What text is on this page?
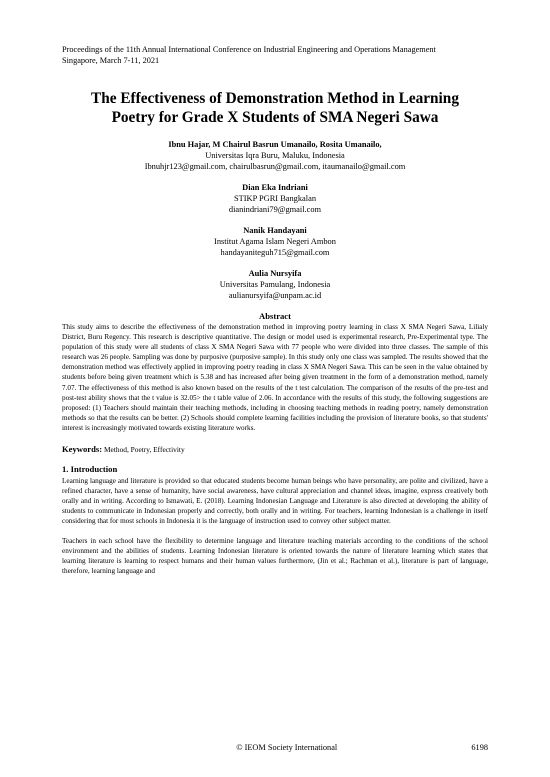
Proceedings of the 11th Annual International Conference on Industrial Engineering and Operations Management
Singapore, March 7-11, 2021
The Effectiveness of Demonstration Method in Learning
Poetry for Grade X Students of SMA Negeri Sawa
Ibnu Hajar, M Chairul Basrun Umanailo, Rosita Umanailo,
Universitas Iqra Buru, Maluku, Indonesia
Ibnuhjr123@gmail.com, chairulbasrun@gmail.com, itaumanailo@gmail.com
Dian Eka Indriani
STIKP PGRI Bangkalan
dianindriani79@gmail.com
Nanik Handayani
Institut Agama Islam Negeri Ambon
handayaniteguh715@gmail.com
Aulia Nursyifa
Universitas Pamulang, Indonesia
aulianursyifa@unpam.ac.id
Abstract

This study aims to describe the effectiveness of the demonstration method in improving poetry learning in class X SMA Negeri Sawa, Lilialy District, Buru Regency. This research is descriptive quantitative. The design or model used is experimental research, Pre-Experimental type. The population of this study were all students of class X SMA Negeri Sawa with 77 people who were divided into three classes. The sample of this research was 26 people. Sampling was done by purposive (purposive sample). In this study only one class was sampled. The results showed that the demonstration method was effectively applied in improving poetry reading in class X SMA Negeri Sawa. This can be seen in the value obtained by students before being given treatment which is 5.38 and has increased after being given treatment in the form of a demonstration method, namely 7.07. The effectiveness of this method is also known based on the results of the t test calculation. The comparison of the results of the pre-test and post-test ability shows that the t value is 32.05> the t table value of 2.06. In accordance with the results of this study, the following suggestions are proposed: (1) Teachers should maintain their teaching methods, including in choosing teaching methods in reading poetry, namely demonstration methods so that the results can be better. (2) Schools should complete learning facilities including the provision of literature books, so that students' interest is increasingly motivated towards existing literature works.

Keywords: Method, Poetry, Effectivity
1. Introduction

Learning language and literature is provided so that educated students become human beings who have personality, are polite and civilized, have a refined character, have a sense of humanity, have social awareness, have cultural appreciation and channel ideas, imagine, express creatively both orally and in writing. According to Ismawati, E. (2018). Learning Indonesian Language and Literature is also directed at developing the ability of students to communicate in Indonesian properly and correctly, both orally and in writing. For teachers, learning Indonesian is a challenge in itself considering that for most schools in Indonesia it is the language of instruction used to convey other subject matter.

Teachers in each school have the flexibility to determine language and literature teaching materials according to the conditions of the school environment and the abilities of students. Learning Indonesian literature is oriented towards the nature of literature learning which states that learning literature is learning to respect humans and their human values furthermore, (Jin et al.; Rachman et al.), literature is part of language, therefore, learning language and

© IEOM Society International	6198
